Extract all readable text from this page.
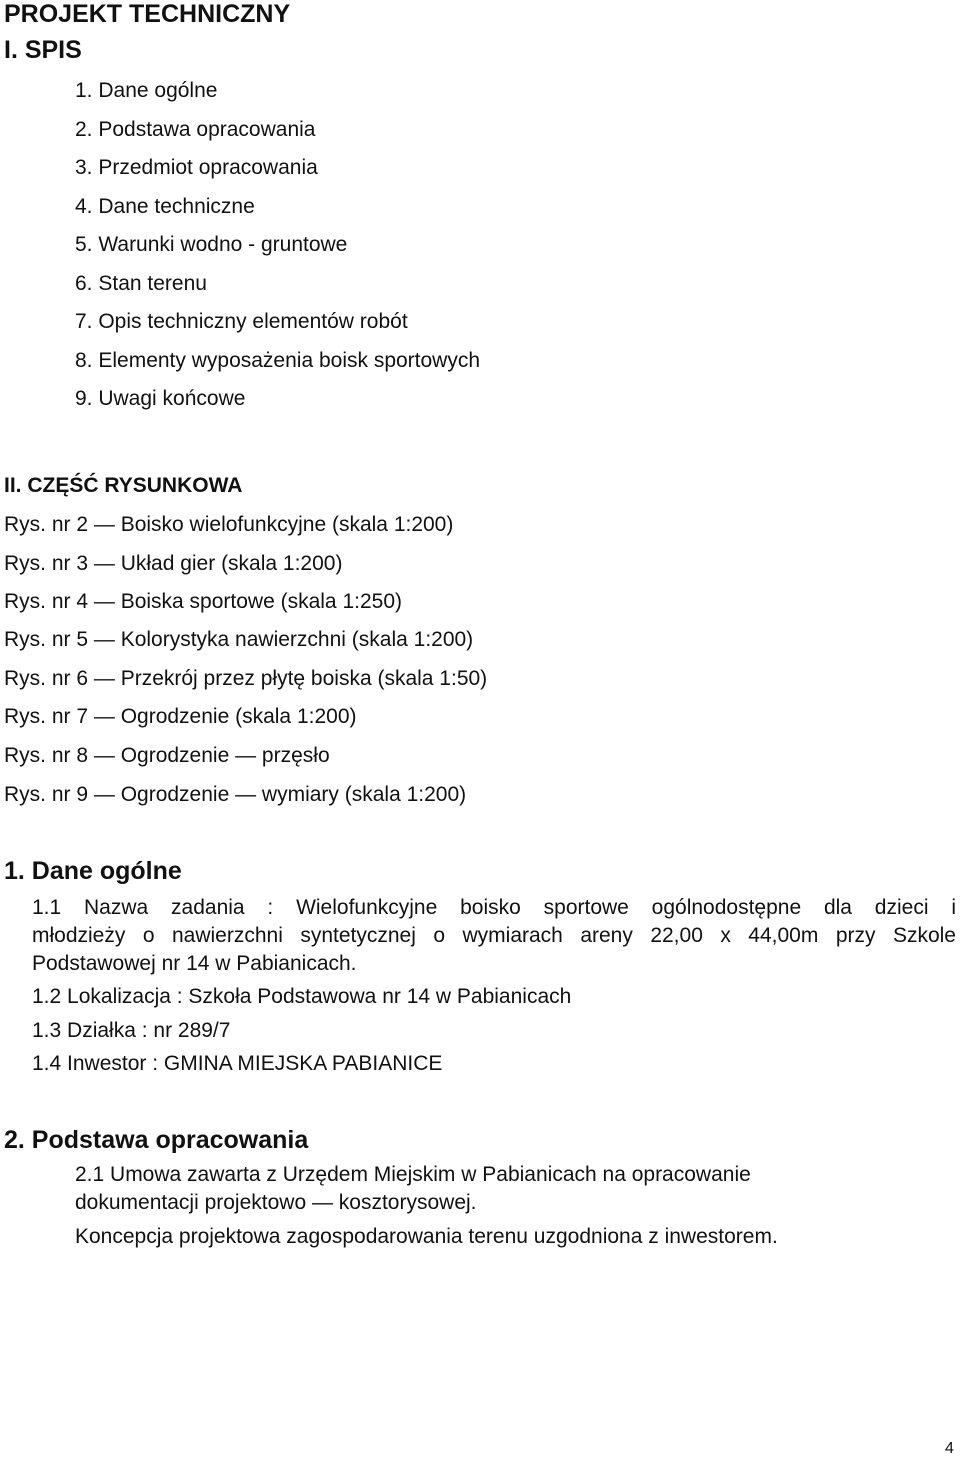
PROJEKT TECHNICZNY
I. SPIS
1. Dane ogólne
2. Podstawa opracowania
3. Przedmiot opracowania
4. Dane techniczne
5. Warunki wodno - gruntowe
6. Stan terenu
7. Opis techniczny elementów robót
8. Elementy wyposażenia boisk sportowych
9. Uwagi końcowe
II. CZĘŚĆ RYSUNKOWA
Rys. nr 2 — Boisko wielofunkcyjne (skala 1:200)
Rys. nr 3 — Układ gier (skala 1:200)
Rys. nr 4 — Boiska sportowe (skala 1:250)
Rys. nr 5 — Kolorystyka nawierzchni (skala 1:200)
Rys. nr 6 — Przekrój przez płytę boiska (skala 1:50)
Rys. nr 7 — Ogrodzenie (skala 1:200)
Rys. nr 8 — Ogrodzenie — przęsło
Rys. nr 9 — Ogrodzenie — wymiary (skala 1:200)
1. Dane ogólne
1.1 Nazwa zadania : Wielofunkcyjne boisko sportowe ogólnodostępne dla dzieci i
młodzieży o nawierzchni syntetycznej o wymiarach areny 22,00 x 44,00m przy Szkole
Podstawowej nr 14 w Pabianicach.
1.2 Lokalizacja : Szkoła Podstawowa nr 14 w Pabianicach
1.3 Działka : nr 289/7
1.4 Inwestor : GMINA MIEJSKA PABIANICE
2. Podstawa opracowania
2.1 Umowa zawarta z Urzędem Miejskim w Pabianicach na opracowanie
dokumentacji projektowo — kosztorysowej.
Koncepcja projektowa zagospodarowania terenu uzgodniona z inwestorem.
4
